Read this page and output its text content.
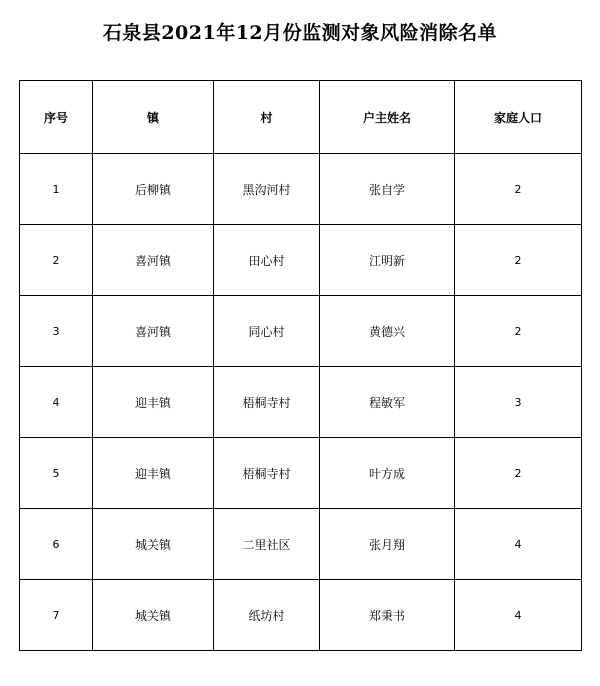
石泉县2021年12月份监测对象风险消除名单
序号	镇	村	户主姓名	家庭人口
1	后柳镇	黑沟河村	张自学	2
2	喜河镇	田心村	江明新	2
3	喜河镇	同心村	黄德兴	2
4	迎丰镇	梧桐寺村	程敏军	3
5	迎丰镇	梧桐寺村	叶方成	2
6	城关镇	二里社区	张月翔	4
7	城关镇	纸坊村	郑秉书	4
